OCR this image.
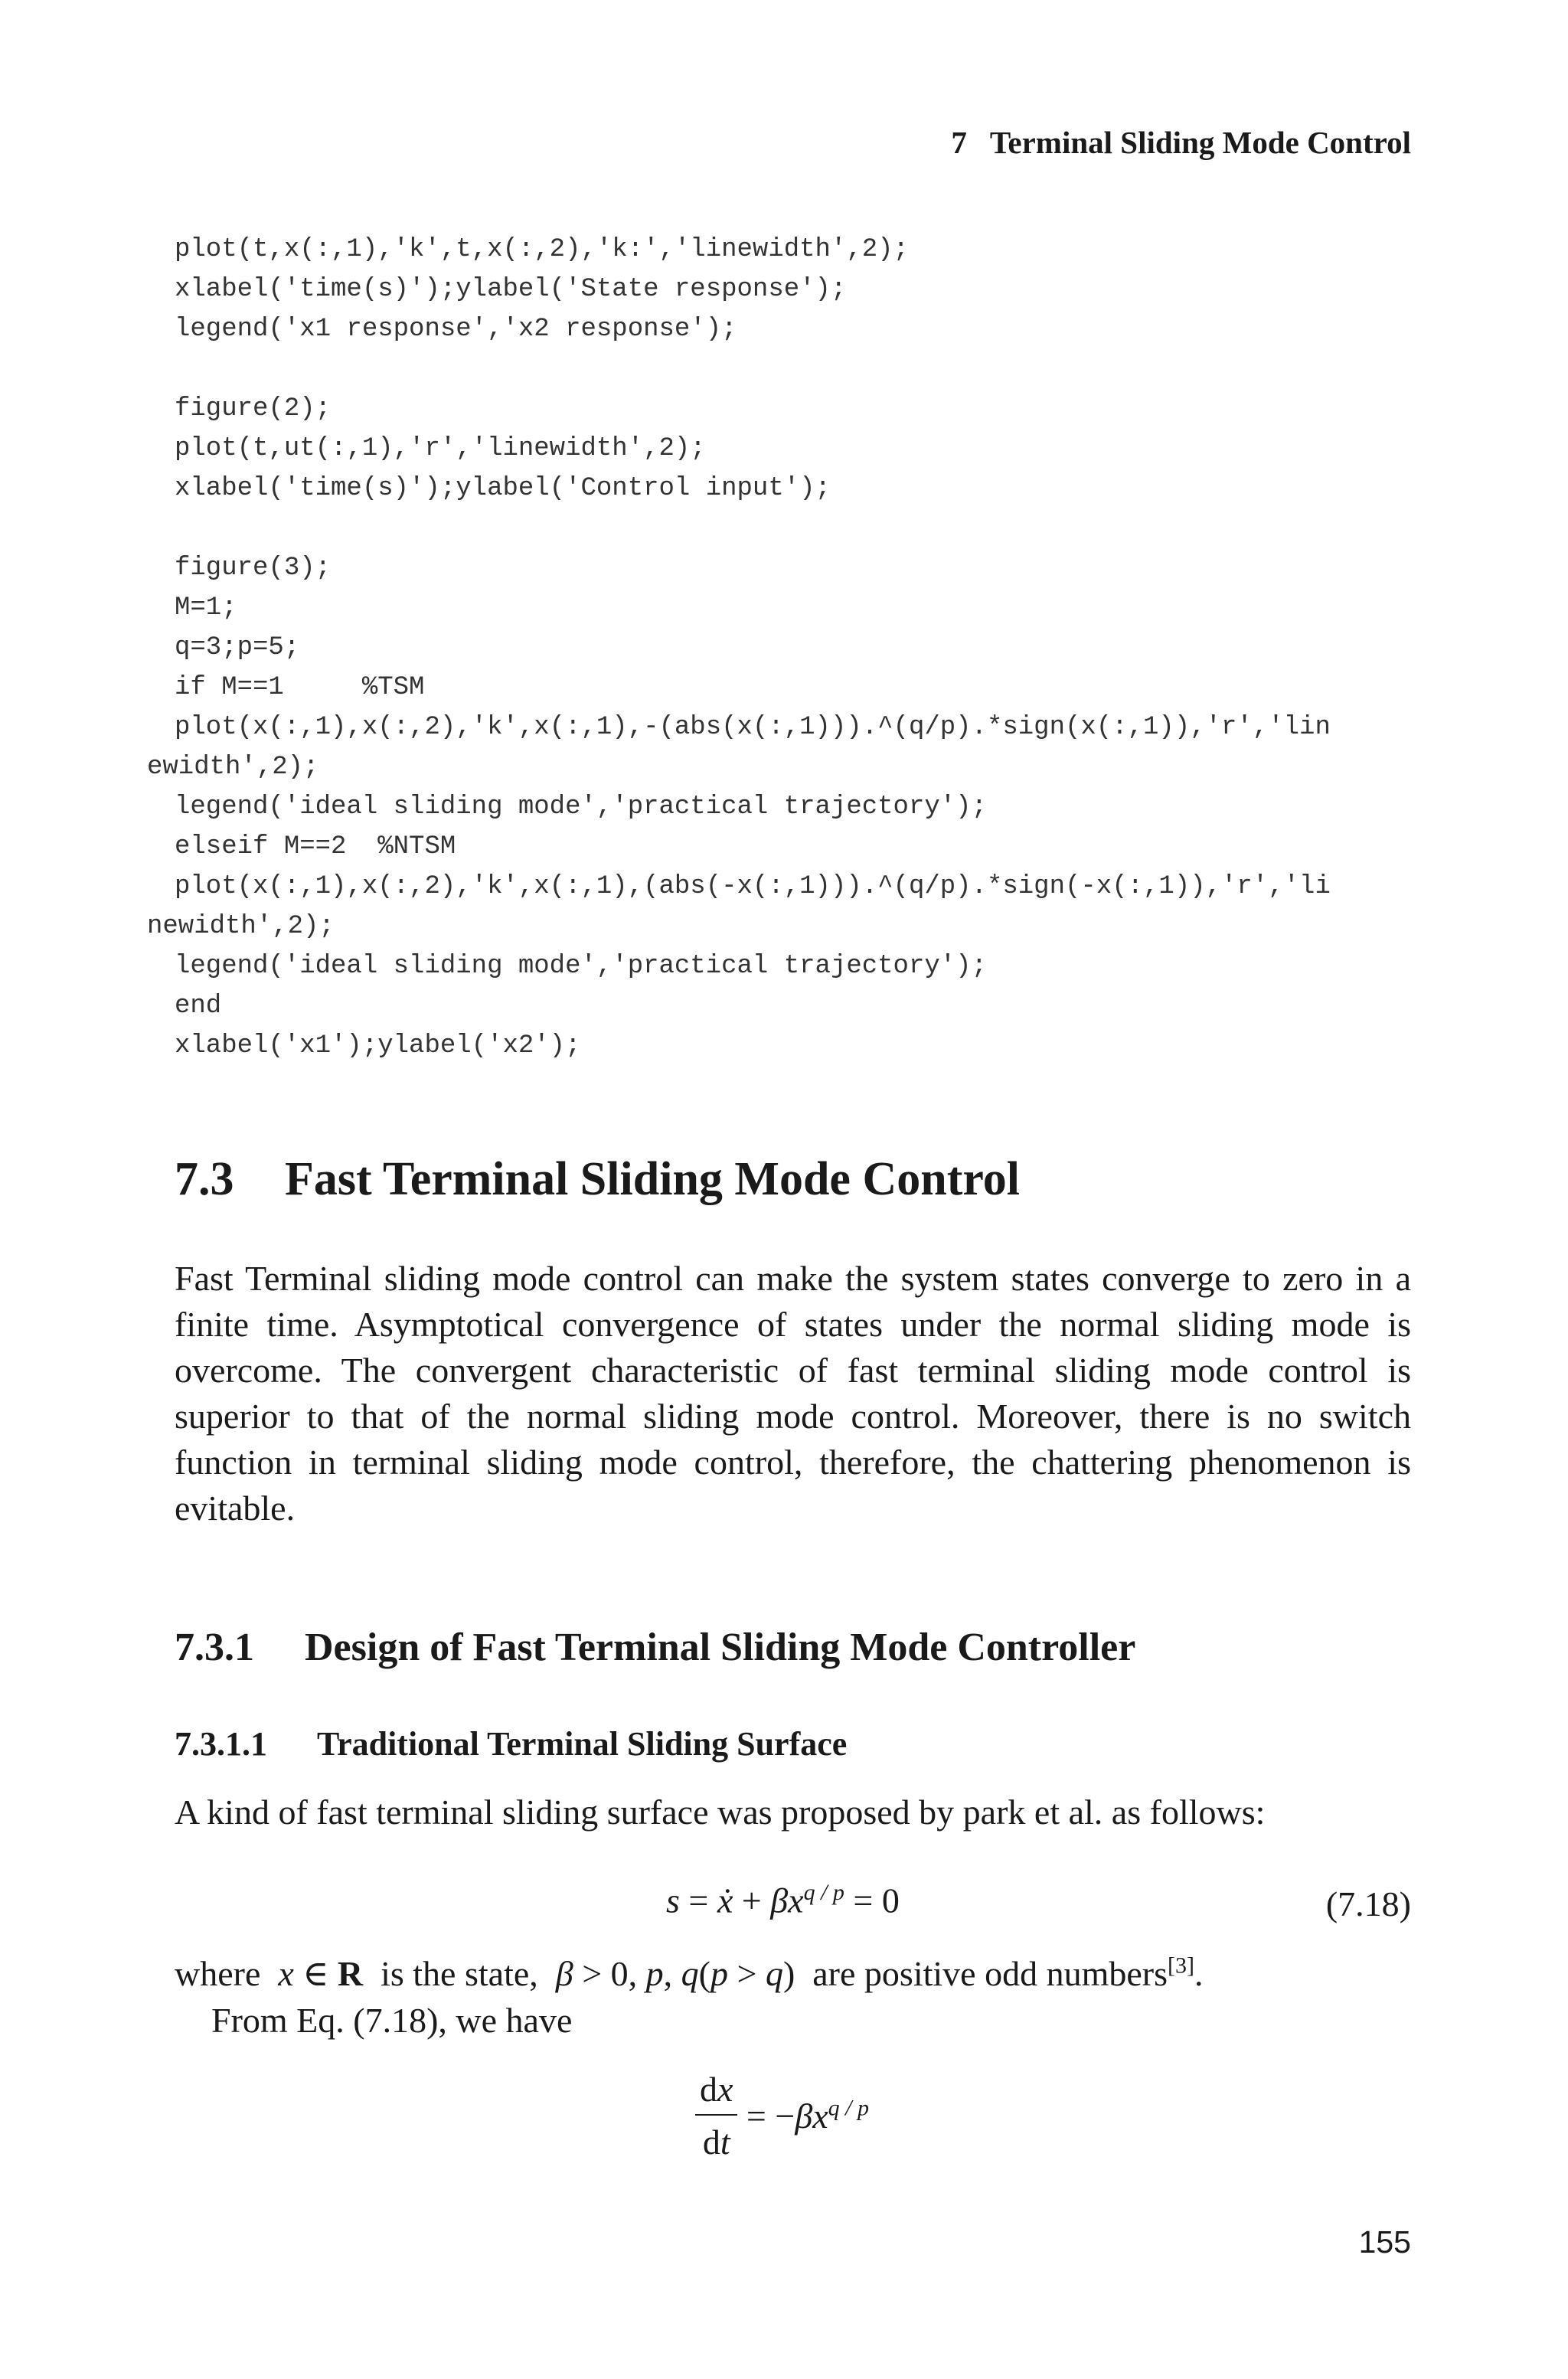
7 Terminal Sliding Mode Control
plot(t,x(:,1),'k',t,x(:,2),'k:','linewidth',2);
xlabel('time(s)');ylabel('State response');
legend('x1 response','x2 response');
figure(2);
plot(t,ut(:,1),'r','linewidth',2);
xlabel('time(s)');ylabel('Control input');
figure(3);
M=1;
q=3;p=5;
if M==1     %TSM
plot(x(:,1),x(:,2),'k',x(:,1),-(abs(x(:,1))).^(q/p).*sign(x(:,1)),'r','lin
ewidth',2);
legend('ideal sliding mode','practical trajectory');
elseif M==2  %NTSM
plot(x(:,1),x(:,2),'k',x(:,1),(abs(-x(:,1))).^(q/p).*sign(-x(:,1)),'r','li
newidth',2);
legend('ideal sliding mode','practical trajectory');
end
xlabel('x1');ylabel('x2');
7.3 Fast Terminal Sliding Mode Control

Fast Terminal sliding mode control can make the system states converge to zero in a finite time. Asymptotical convergence of states under the normal sliding mode is overcome. The convergent characteristic of fast terminal sliding mode control is superior to that of the normal sliding mode control. Moreover, there is no switch function in terminal sliding mode control, therefore, the chattering phenomenon is evitable.

7.3.1 Design of Fast Terminal Sliding Mode Controller
7.3.1.1 Traditional Terminal Sliding Surface

A kind of fast terminal sliding surface was proposed by park et al. as follows:

s = ẋ + $\beta x^{q / p} = 0$	(7.18)

where x ∈ R is the state, β > 0, p, q(p > q) are positive odd numbers[3].

From Eq. (7.18), we have

$\frac{dx}{dt} = -\beta x^{q / p}$
155
